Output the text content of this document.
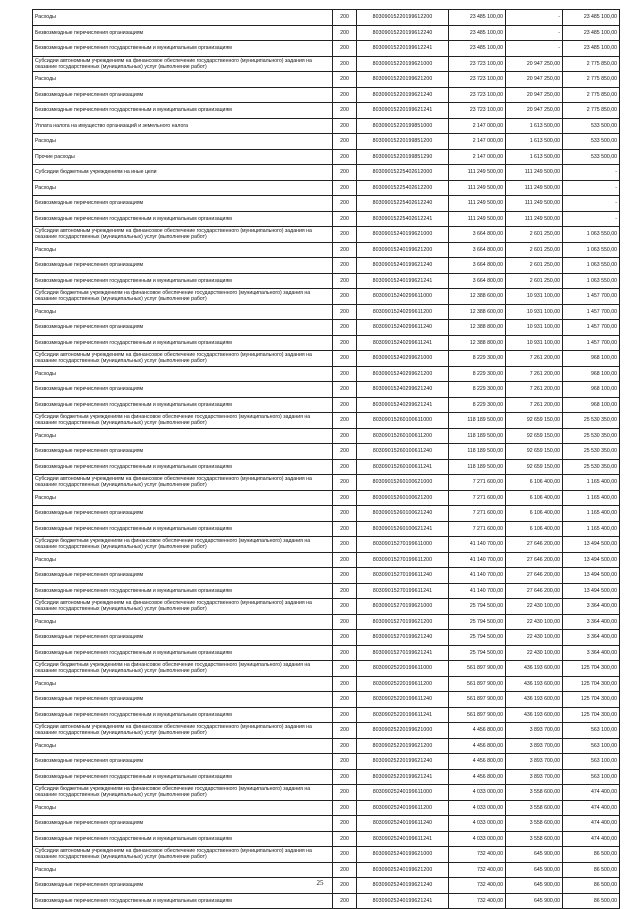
Расходы	200	80309015220199612200	23 485 100,00	-	23 485 100,00
Безвозмездные перечисления организациям	200	80309015220199612240	23 485 100,00	-	23 485 100,00
Безвозмездные перечисления государственным и муниципальным организациям	200	80309015220199612241	23 485 100,00	-	23 485 100,00
Субсидии автономным учреждениям на финансовое обеспечение государственного (муниципального) задания на оказание государственных (муниципальных) услуг (выполнение работ)	200	80309015220199621000	23 723 100,00	20 947 250,00	2 775 850,00
Расходы	200	80309015220199621200	23 723 100,00	20 947 250,00	2 775 850,00
Безвозмездные перечисления организациям	200	80309015220199621240	23 723 100,00	20 947 250,00	2 775 850,00
Безвозмездные перечисления государственным и муниципальным организациям	200	80309015220199621241	23 723 100,00	20 947 250,00	2 775 850,00
Уплата налога на имущество организаций и земельного налога	200	80309015220199851000	2 147 000,00	1 613 500,00	533 500,00
Расходы	200	80309015220199851200	2 147 000,00	1 613 500,00	533 500,00
Прочие расходы	200	80309015220199851290	2 147 000,00	1 613 500,00	533 500,00
Субсидии бюджетным учреждениям на иные цели	200	80309015225402612000	111 249 500,00	111 249 500,00	-
Расходы	200	80309015225402612200	111 249 500,00	111 249 500,00	-
Безвозмездные перечисления организациям	200	80309015225402612240	111 249 500,00	111 249 500,00	-
Безвозмездные перечисления государственным и муниципальным организациям	200	80309015225402612241	111 249 500,00	111 249 500,00	-
Субсидии автономным учреждениям на финансовое обеспечение государственного (муниципального) задания на оказание государственных (муниципальных) услуг (выполнение работ)	200	80309015240199621000	3 664 800,00	2 601 250,00	1 063 550,00
Расходы	200	80309015240199621200	3 664 800,00	2 601 250,00	1 063 550,00
Безвозмездные перечисления организациям	200	80309015240199621240	3 664 800,00	2 601 250,00	1 063 550,00
Безвозмездные перечисления государственным и муниципальным организациям	200	80309015240199621241	3 664 800,00	2 601 250,00	1 063 550,00
Субсидии бюджетным учреждениям на финансовое обеспечение государственного (муниципального) задания на оказание государственных (муниципальных) услуг (выполнение работ)	200	80309015240299611000	12 388 600,00	10 931 100,00	1 457 700,00
Расходы	200	80309015240299611200	12 388 600,00	10 931 100,00	1 457 700,00
Безвозмездные перечисления организациям	200	80309015240299611240	12 388 800,00	10 931 100,00	1 457 700,00
Безвозмездные перечисления государственным и муниципальным организациям	200	80309015240299611241	12 388 800,00	10 931 100,00	1 457 700,00
Субсидии автономным учреждениям на финансовое обеспечение государственного (муниципального) задания на оказание государственных (муниципальных) услуг (выполнение работ)	200	80309015240299621000	8 229 300,00	7 261 200,00	968 100,00
Расходы	200	80309015240299621200	8 229 300,00	7 261 200,00	968 100,00
Безвозмездные перечисления организациям	200	80309015240299621240	8 229 300,00	7 261 200,00	968 100,00
Безвозмездные перечисления государственным и муниципальным организациям	200	80309015240299621241	8 229 300,00	7 261 200,00	968 100,00
Субсидии бюджетным учреждениям на финансовое обеспечение государственного (муниципального) задания на оказание государственных (муниципальных) услуг (выполнение работ)	200	80309015260100611000	118 189 500,00	92 659 150,00	25 530 350,00
Расходы	200	80309015260100611200	118 189 500,00	92 659 150,00	25 530 350,00
Безвозмездные перечисления организациям	200	80309015260100611240	118 189 500,00	92 659 150,00	25 530 350,00
Безвозмездные перечисления государственным и муниципальным организациям	200	80309015260100611241	118 189 500,00	92 659 150,00	25 530 350,00
Субсидии автономным учреждениям на финансовое обеспечение государственного (муниципального) задания на оказание государственных (муниципальных) услуг (выполнение работ)	200	80309015260100621000	7 271 600,00	6 106 400,00	1 165 400,00
Расходы	200	80309015260100621200	7 271 600,00	6 106 400,00	1 165 400,00
Безвозмездные перечисления организациям	200	80309015260100621240	7 271 600,00	6 106 400,00	1 165 400,00
Безвозмездные перечисления государственным и муниципальным организациям	200	80309015260100621241	7 271 600,00	6 106 400,00	1 165 400,00
Субсидии бюджетным учреждениям на финансовое обеспечение государственного (муниципального) задания на оказание государственных (муниципальных) услуг (выполнение работ)	200	80309015270199611000	41 140 700,00	27 646 200,00	13 494 500,00
Расходы	200	80309015270199611200	41 140 700,00	27 646 200,00	13 494 500,00
Безвозмездные перечисления организациям	200	80309015270199611240	41 140 700,00	27 646 200,00	13 494 500,00
Безвозмездные перечисления государственным и муниципальным организациям	200	80309015270199611241	41 140 700,00	27 646 200,00	13 494 500,00
Субсидии автономным учреждениям на финансовое обеспечение государственного (муниципального) задания на оказание государственных (муниципальных) услуг (выполнение работ)	200	80309015270199621000	25 794 500,00	22 430 100,00	3 364 400,00
Расходы	200	80309015270199621200	25 794 500,00	22 430 100,00	3 364 400,00
Безвозмездные перечисления организациям	200	80309015270199621240	25 794 500,00	22 430 100,00	3 364 400,00
Безвозмездные перечисления государственным и муниципальным организациям	200	80309015270199621241	25 794 500,00	22 430 100,00	3 364 400,00
Субсидии бюджетным учреждениям на финансовое обеспечение государственного (муниципального) задания на оказание государственных (муниципальных) услуг (выполнение работ)	200	80309025220199611000	561 897 900,00	436 193 600,00	125 704 300,00
Расходы	200	80309025220199611200	561 897 900,00	436 193 600,00	125 704 300,00
Безвозмездные перечисления организациям	200	80309025220199611240	561 897 900,00	436 193 600,00	125 704 300,00
Безвозмездные перечисления государственным и муниципальным организациям	200	80309025220199611241	561 897 900,00	436 193 600,00	125 704 300,00
Субсидии автономным учреждениям на финансовое обеспечение государственного (муниципального) задания на оказание государственных (муниципальных) услуг (выполнение работ)	200	80309025220199621000	4 456 800,00	3 893 700,00	563 100,00
Расходы	200	80309025220199621200	4 456 800,00	3 893 700,00	563 100,00
Безвозмездные перечисления организациям	200	80309025220199621240	4 456 800,00	3 893 700,00	563 100,00
Безвозмездные перечисления государственным и муниципальным организациям	200	80309025220199621241	4 456 800,00	3 893 700,00	563 100,00
Субсидии бюджетным учреждениям на финансовое обеспечение государственного (муниципального) задания на оказание государственных (муниципальных) услуг (выполнение работ)	200	80309025240199611000	4 033 000,00	3 558 600,00	474 400,00
Расходы	200	80309025240199611200	4 033 000,00	3 558 600,00	474 400,00
Безвозмездные перечисления организациям	200	80309025240199611240	4 033 000,00	3 558 600,00	474 400,00
Безвозмездные перечисления государственным и муниципальным организациям	200	80309025240199611241	4 033 000,00	3 558 600,00	474 400,00
Субсидии автономным учреждениям на финансовое обеспечение государственного (муниципального) задания на оказание государственных (муниципальных) услуг (выполнение работ)	200	80309025240199621000	732 400,00	645 900,00	86 500,00
Расходы	200	80309025240199621200	732 400,00	645 900,00	86 500,00
Безвозмездные перечисления организациям	200	80309025240199621240	732 400,00	645 900,00	86 500,00
Безвозмездные перечисления государственным и муниципальным организациям	200	80309025240199621241	732 400,00	645 900,00	86 500,00
25
